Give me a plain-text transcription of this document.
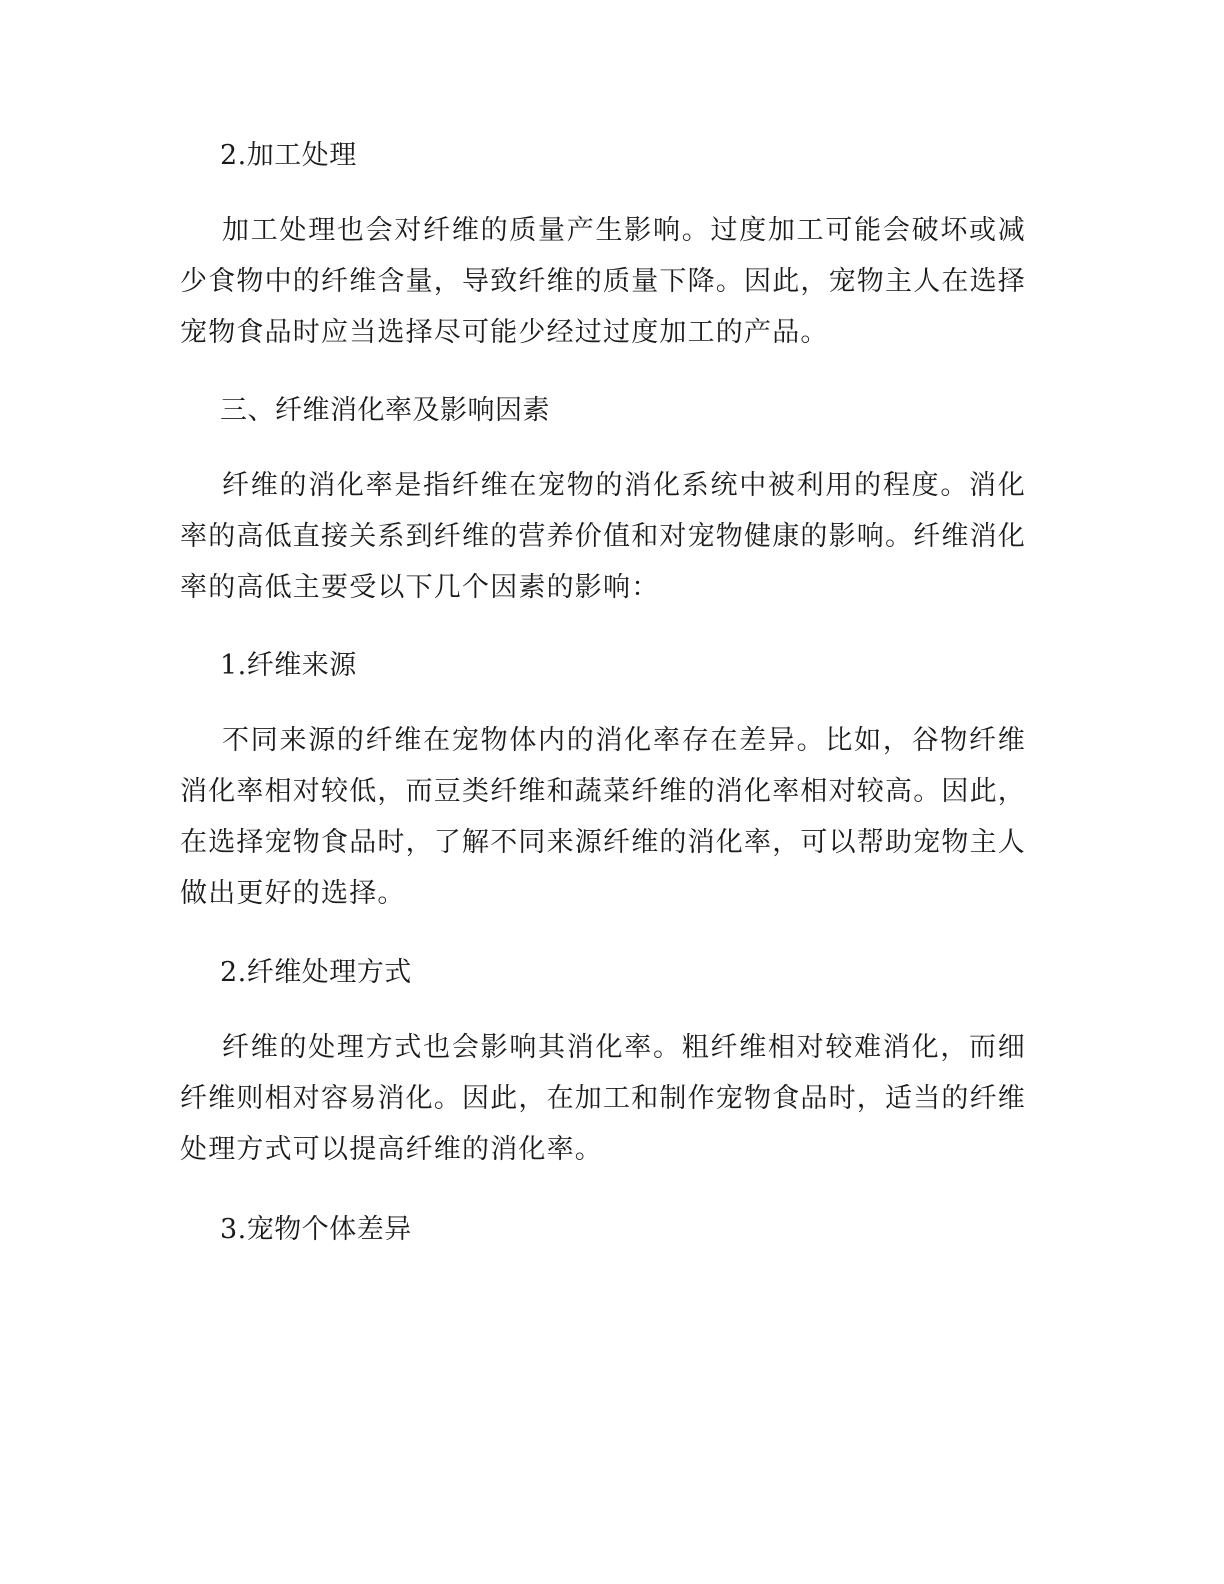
2.加工处理
加工处理也会对纤维的质量产生影响。过度加工可能会破坏或减少食物中的纤维含量，导致纤维的质量下降。因此，宠物主人在选择宠物食品时应当选择尽可能少经过过度加工的产品。
三、纤维消化率及影响因素
纤维的消化率是指纤维在宠物的消化系统中被利用的程度。消化率的高低直接关系到纤维的营养价值和对宠物健康的影响。纤维消化率的高低主要受以下几个因素的影响：
1.纤维来源
不同来源的纤维在宠物体内的消化率存在差异。比如，谷物纤维消化率相对较低，而豆类纤维和蔬菜纤维的消化率相对较高。因此，在选择宠物食品时，了解不同来源纤维的消化率，可以帮助宠物主人做出更好的选择。
2.纤维处理方式
纤维的处理方式也会影响其消化率。粗纤维相对较难消化，而细纤维则相对容易消化。因此，在加工和制作宠物食品时，适当的纤维处理方式可以提高纤维的消化率。
3.宠物个体差异
